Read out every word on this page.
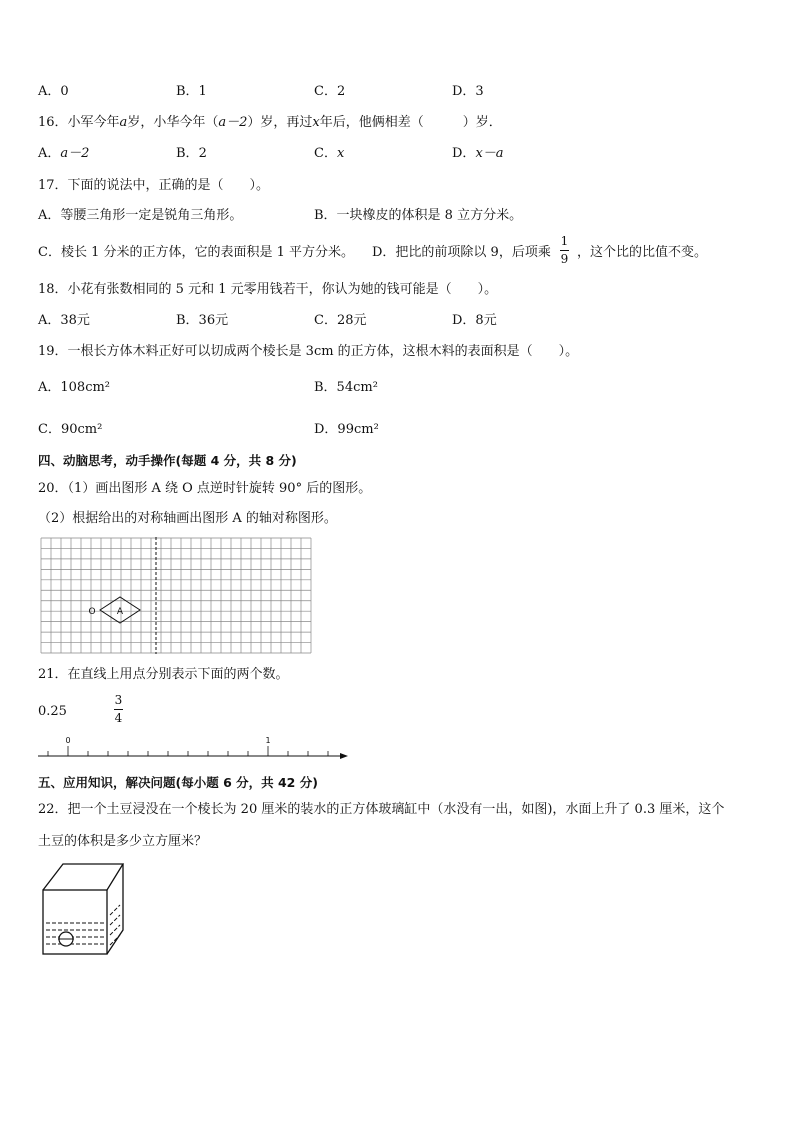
A．0	B．1	C．2	D．3
16．小军今年a岁，小华今年（a－2）岁，再过x年后，他俩相差（　　　）岁．
A．a－2	B．2	C．x	D．x－a
17．下面的说法中，正确的是（　　）。
A．等腰三角形一定是锐角三角形。	B．一块橡皮的体积是 8 立方分米。
C．棱长 1 分米的正方体，它的表面积是 1 平方分米。 D．把比的前项除以 9，后项乘
1
9 ，这个比的比值不变。
18．小花有张数相同的 5 元和 1 元零用钱若干，你认为她的钱可能是（　　）。
A．38元	B．36元	C．28元	D．8元
19．一根长方体木料正好可以切成两个棱长是 3cm 的正方体，这根木料的表面积是（　　）。
A．108cm²	B．54cm²
C．90cm²	D．99cm²
四、动脑思考，动手操作(每题 4 分，共 8 分)
20．（1）画出图形 A 绕 O 点逆时针旋转 90° 后的图形。
（2）根据给出的对称轴画出图形 A 的轴对称图形。
A
O
21．在直线上用点分别表示下面的两个数。
0.25
3
4
0	1
五、应用知识，解决问题(每小题 6 分，共 42 分)
22．把一个土豆浸没在一个棱长为 20 厘米的装水的正方体玻璃缸中（水没有一出，如图)，水面上升了 0.3 厘米，这个
土豆的体积是多少立方厘米？
